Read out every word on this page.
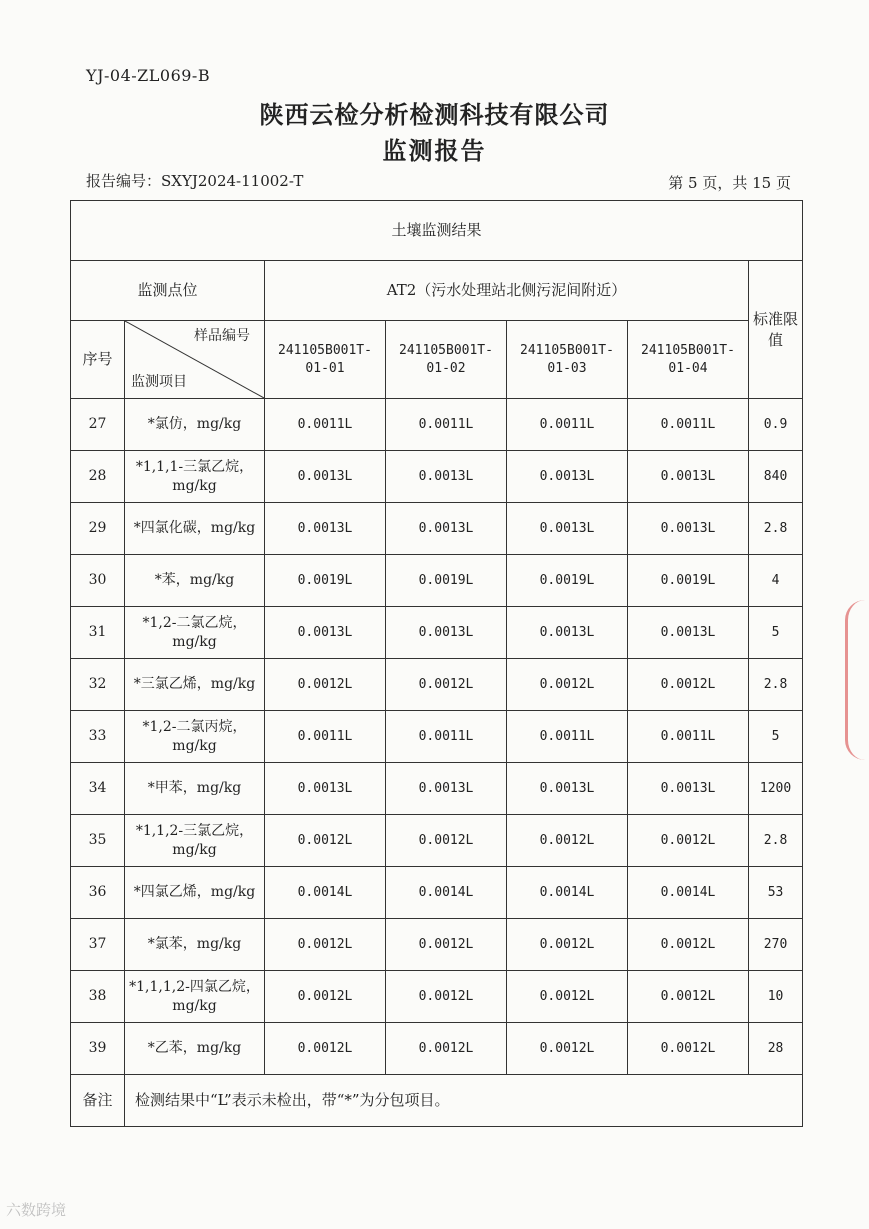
YJ-04-ZL069-B
陕西云检分析检测科技有限公司
监测报告
报告编号：SXYJ2024-11002-T	第 5 页，共 15 页
土壤监测结果						
监测点位		AT2（污水处理站北侧污泥间附近）				标准限值
序号	样品编号
监测项目	241105B001T-01-01	241105B001T-01-02	241105B001T-01-03	241105B001T-01-04	
27	*氯仿，mg/kg	0.0011L	0.0011L	0.0011L	0.0011L	0.9
28	*1,1,1-三氯乙烷，mg/kg	0.0013L	0.0013L	0.0013L	0.0013L	840
29	*四氯化碳，mg/kg	0.0013L	0.0013L	0.0013L	0.0013L	2.8
30	*苯，mg/kg	0.0019L	0.0019L	0.0019L	0.0019L	4
31	*1,2-二氯乙烷，mg/kg	0.0013L	0.0013L	0.0013L	0.0013L	5
32	*三氯乙烯，mg/kg	0.0012L	0.0012L	0.0012L	0.0012L	2.8
33	*1,2-二氯丙烷，mg/kg	0.0011L	0.0011L	0.0011L	0.0011L	5
34	*甲苯，mg/kg	0.0013L	0.0013L	0.0013L	0.0013L	1200
35	*1,1,2-三氯乙烷，mg/kg	0.0012L	0.0012L	0.0012L	0.0012L	2.8
36	*四氯乙烯，mg/kg	0.0014L	0.0014L	0.0014L	0.0014L	53
37	*氯苯，mg/kg	0.0012L	0.0012L	0.0012L	0.0012L	270
38	*1,1,1,2-四氯乙烷，mg/kg	0.0012L	0.0012L	0.0012L	0.0012L	10
39	*乙苯，mg/kg	0.0012L	0.0012L	0.0012L	0.0012L	28
备注	检测结果中“L”表示未检出，带“*”为分包项目。					
六数跨境
